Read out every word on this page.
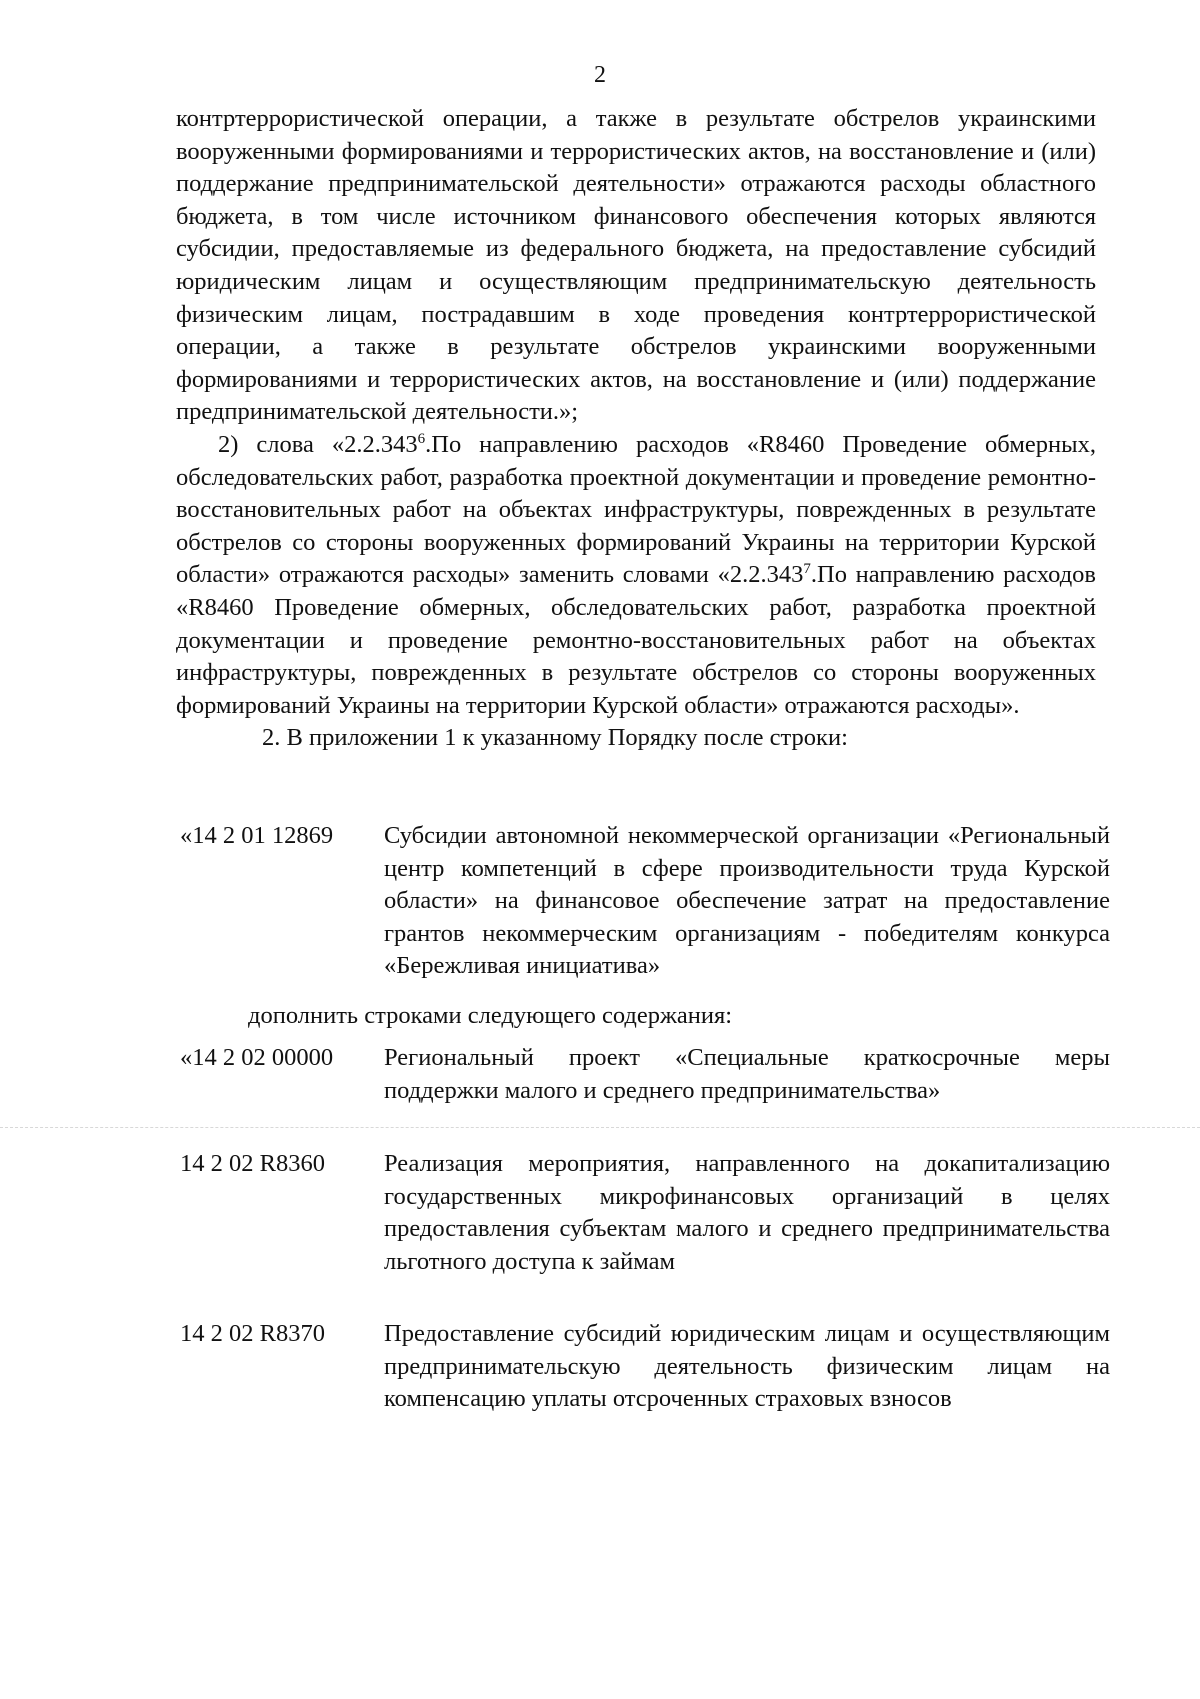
2

контртеррористической операции, а также в результате обстрелов украинскими вооруженными формированиями и террористических актов, на восстановление и (или) поддержание предпринимательской деятельности» отражаются расходы областного бюджета, в том числе источником финансового обеспечения которых являются субсидии, предоставляемые из федерального бюджета, на предоставление субсидий юридическим лицам и осуществляющим предпринимательскую деятельность физическим лицам, пострадавшим в ходе проведения контртеррористической операции, а также в результате обстрелов украинскими вооруженными формированиями и террористических актов, на восстановление и (или) поддержание предпринимательской деятельности.»;

2) слова «2.2.343$^6$.По направлению расходов «R8460 Проведение обмерных, обследовательских работ, разработка проектной документации и проведение ремонтно-восстановительных работ на объектах инфраструктуры, поврежденных в результате обстрелов со стороны вооруженных формирований Украины на территории Курской области» отражаются расходы» заменить словами «2.2.343$^7$.По направлению расходов «R8460 Проведение обмерных, обследовательских работ, разработка проектной документации и проведение ремонтно-восстановительных работ на объектах инфраструктуры, поврежденных в результате обстрелов со стороны вооруженных формирований Украины на территории Курской области» отражаются расходы».

2. В приложении 1 к указанному Порядку после строки:

«14 2 01 12869 Субсидии автономной некоммерческой организации «Региональный центр компетенций в сфере производительности труда Курской области» на финансовое обеспечение затрат на предоставление грантов некоммерческим организациям - победителям конкурса «Бережливая инициатива»
дополнить строками следующего содержания:
«14 2 02 00000 Региональный проект «Специальные краткосрочные меры поддержки малого и среднего предпринимательства»
14 2 02 R8360 Реализация мероприятия, направленного на докапитализацию государственных микрофинансовых организаций в целях предоставления субъектам малого и среднего предпринимательства льготного доступа к займам
14 2 02 R8370 Предоставление субсидий юридическим лицам и осуществляющим предпринимательскую деятельность физическим лицам на компенсацию уплаты отсроченных страховых взносов
